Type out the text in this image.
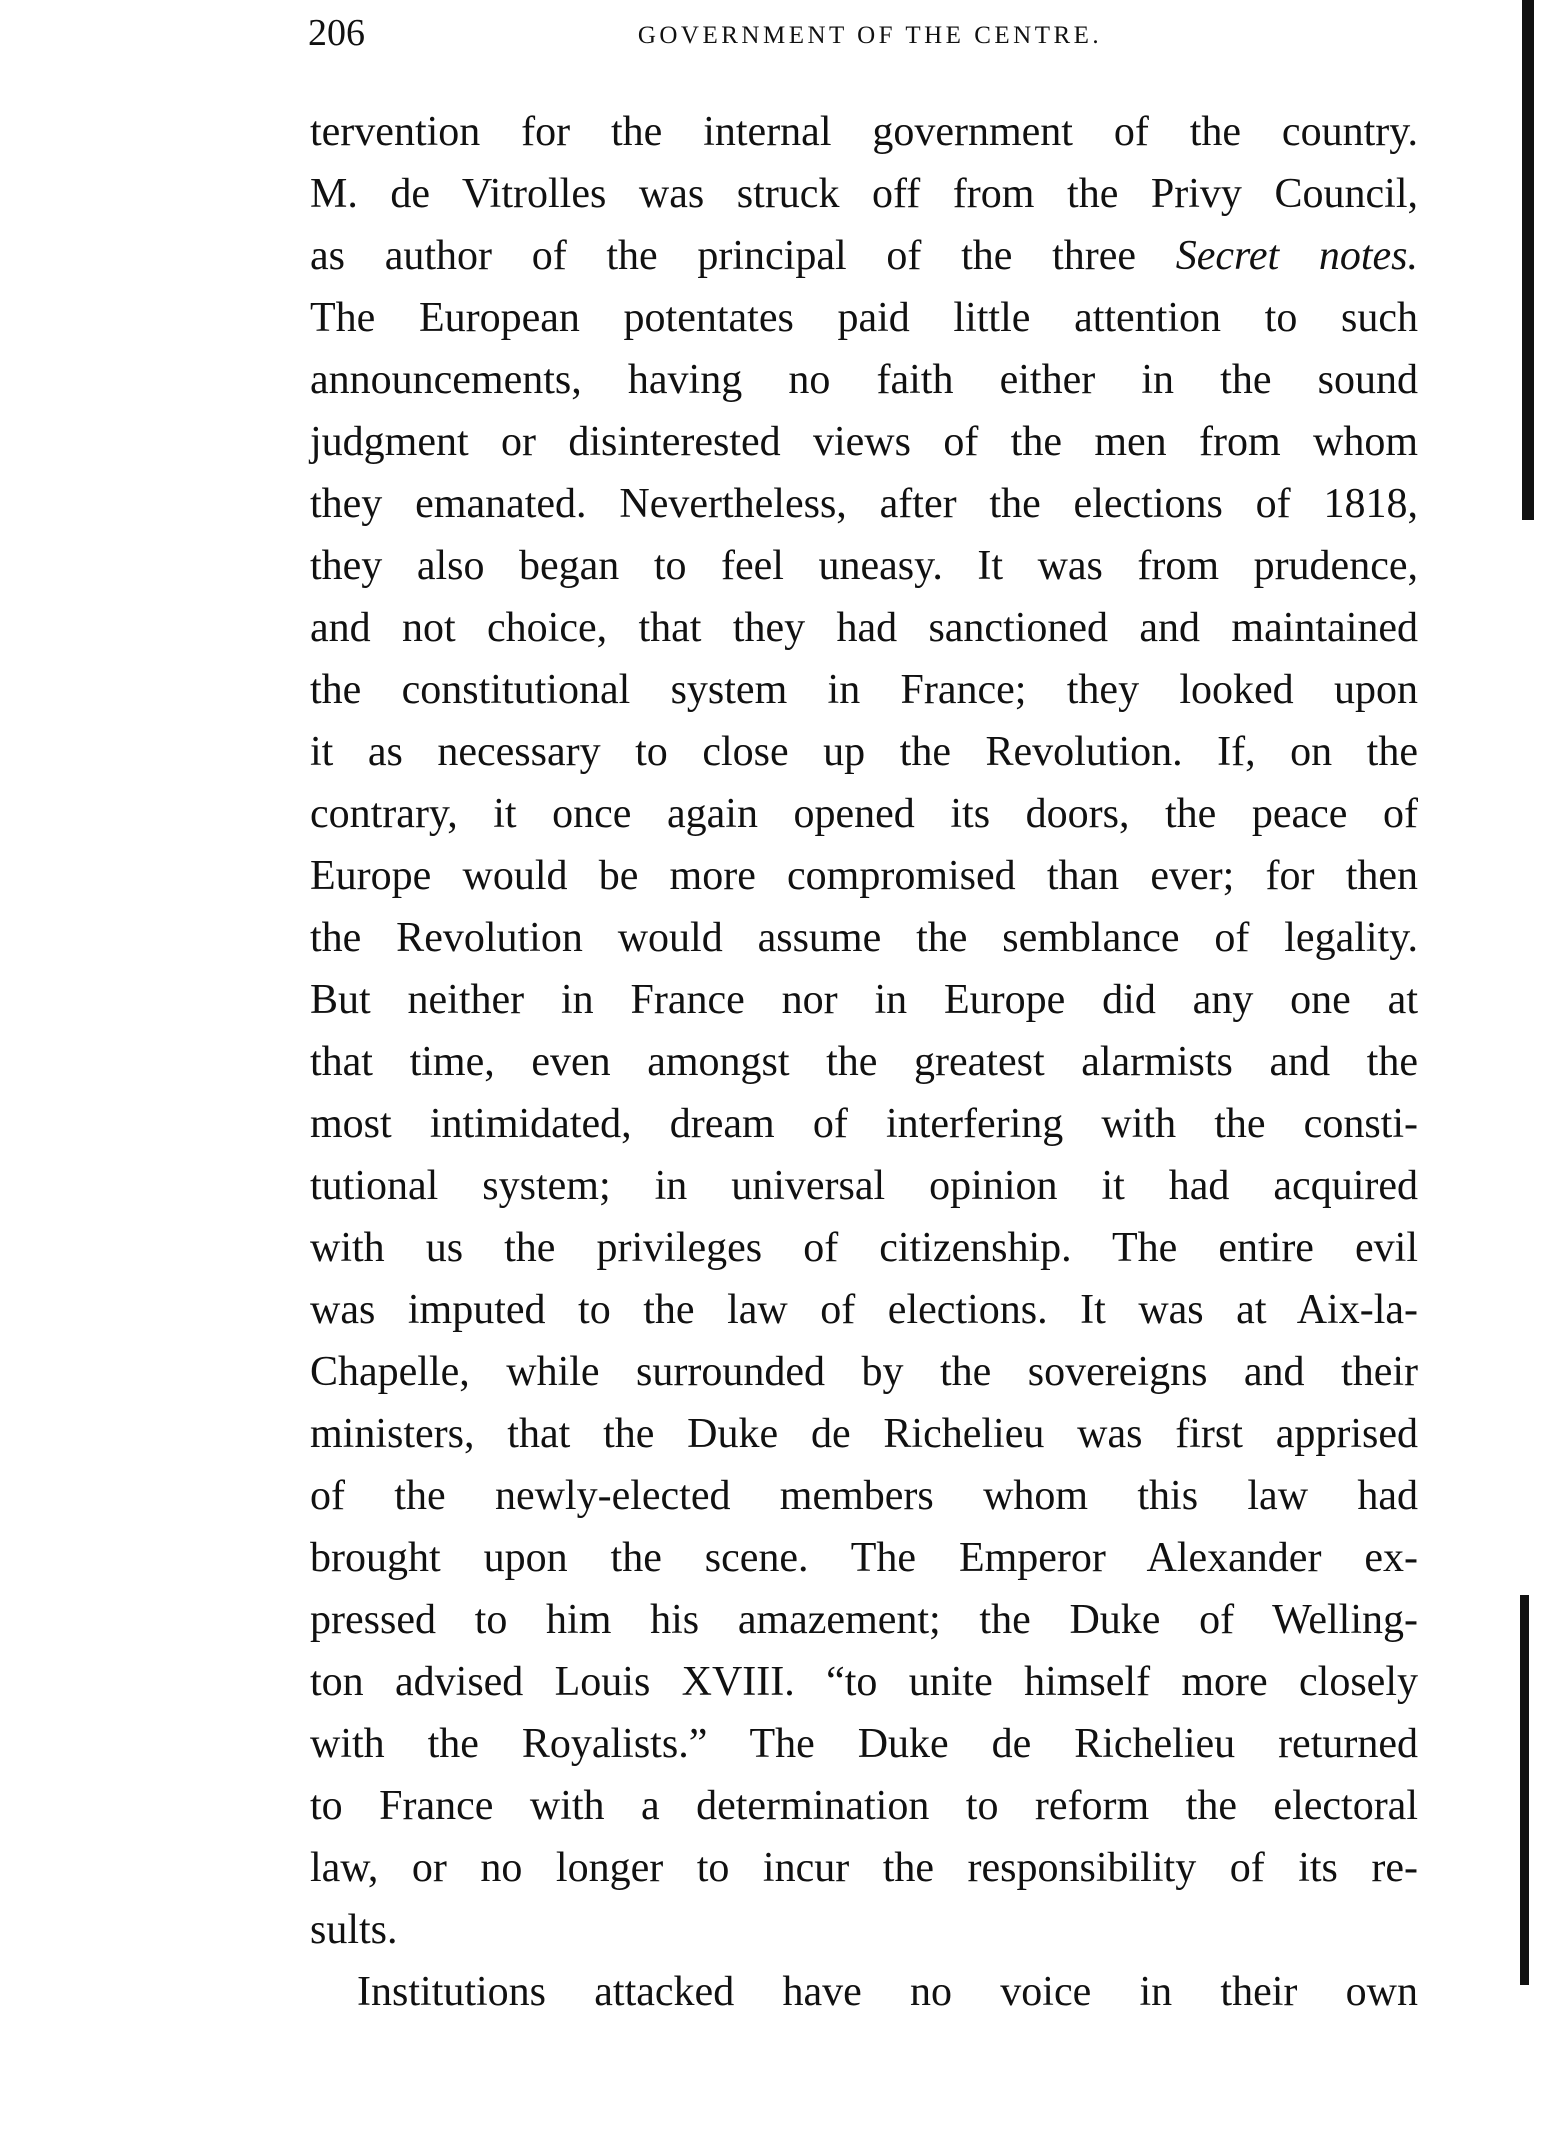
206	GOVERNMENT OF THE CENTRE.
tervention for the internal government of the country.
M. de Vitrolles was struck off from the Privy Council,
as author of the principal of the three Secret notes.
The European potentates paid little attention to such
announcements, having no faith either in the sound
judgment or disinterested views of the men from whom
they emanated. Nevertheless, after the elections of 1818,
they also began to feel uneasy. It was from prudence,
and not choice, that they had sanctioned and maintained
the constitutional system in France; they looked upon
it as necessary to close up the Revolution. If, on the
contrary, it once again opened its doors, the peace of
Europe would be more compromised than ever; for then
the Revolution would assume the semblance of legality.
But neither in France nor in Europe did any one at
that time, even amongst the greatest alarmists and the
most intimidated, dream of interfering with the consti-
tutional system; in universal opinion it had acquired
with us the privileges of citizenship. The entire evil
was imputed to the law of elections. It was at Aix-la-
Chapelle, while surrounded by the sovereigns and their
ministers, that the Duke de Richelieu was first apprised
of the newly-elected members whom this law had
brought upon the scene. The Emperor Alexander ex-
pressed to him his amazement; the Duke of Welling-
ton advised Louis XVIII. “to unite himself more closely
with the Royalists.” The Duke de Richelieu returned
to France with a determination to reform the electoral
law, or no longer to incur the responsibility of its re-
sults.
Institutions attacked have no voice in their own
